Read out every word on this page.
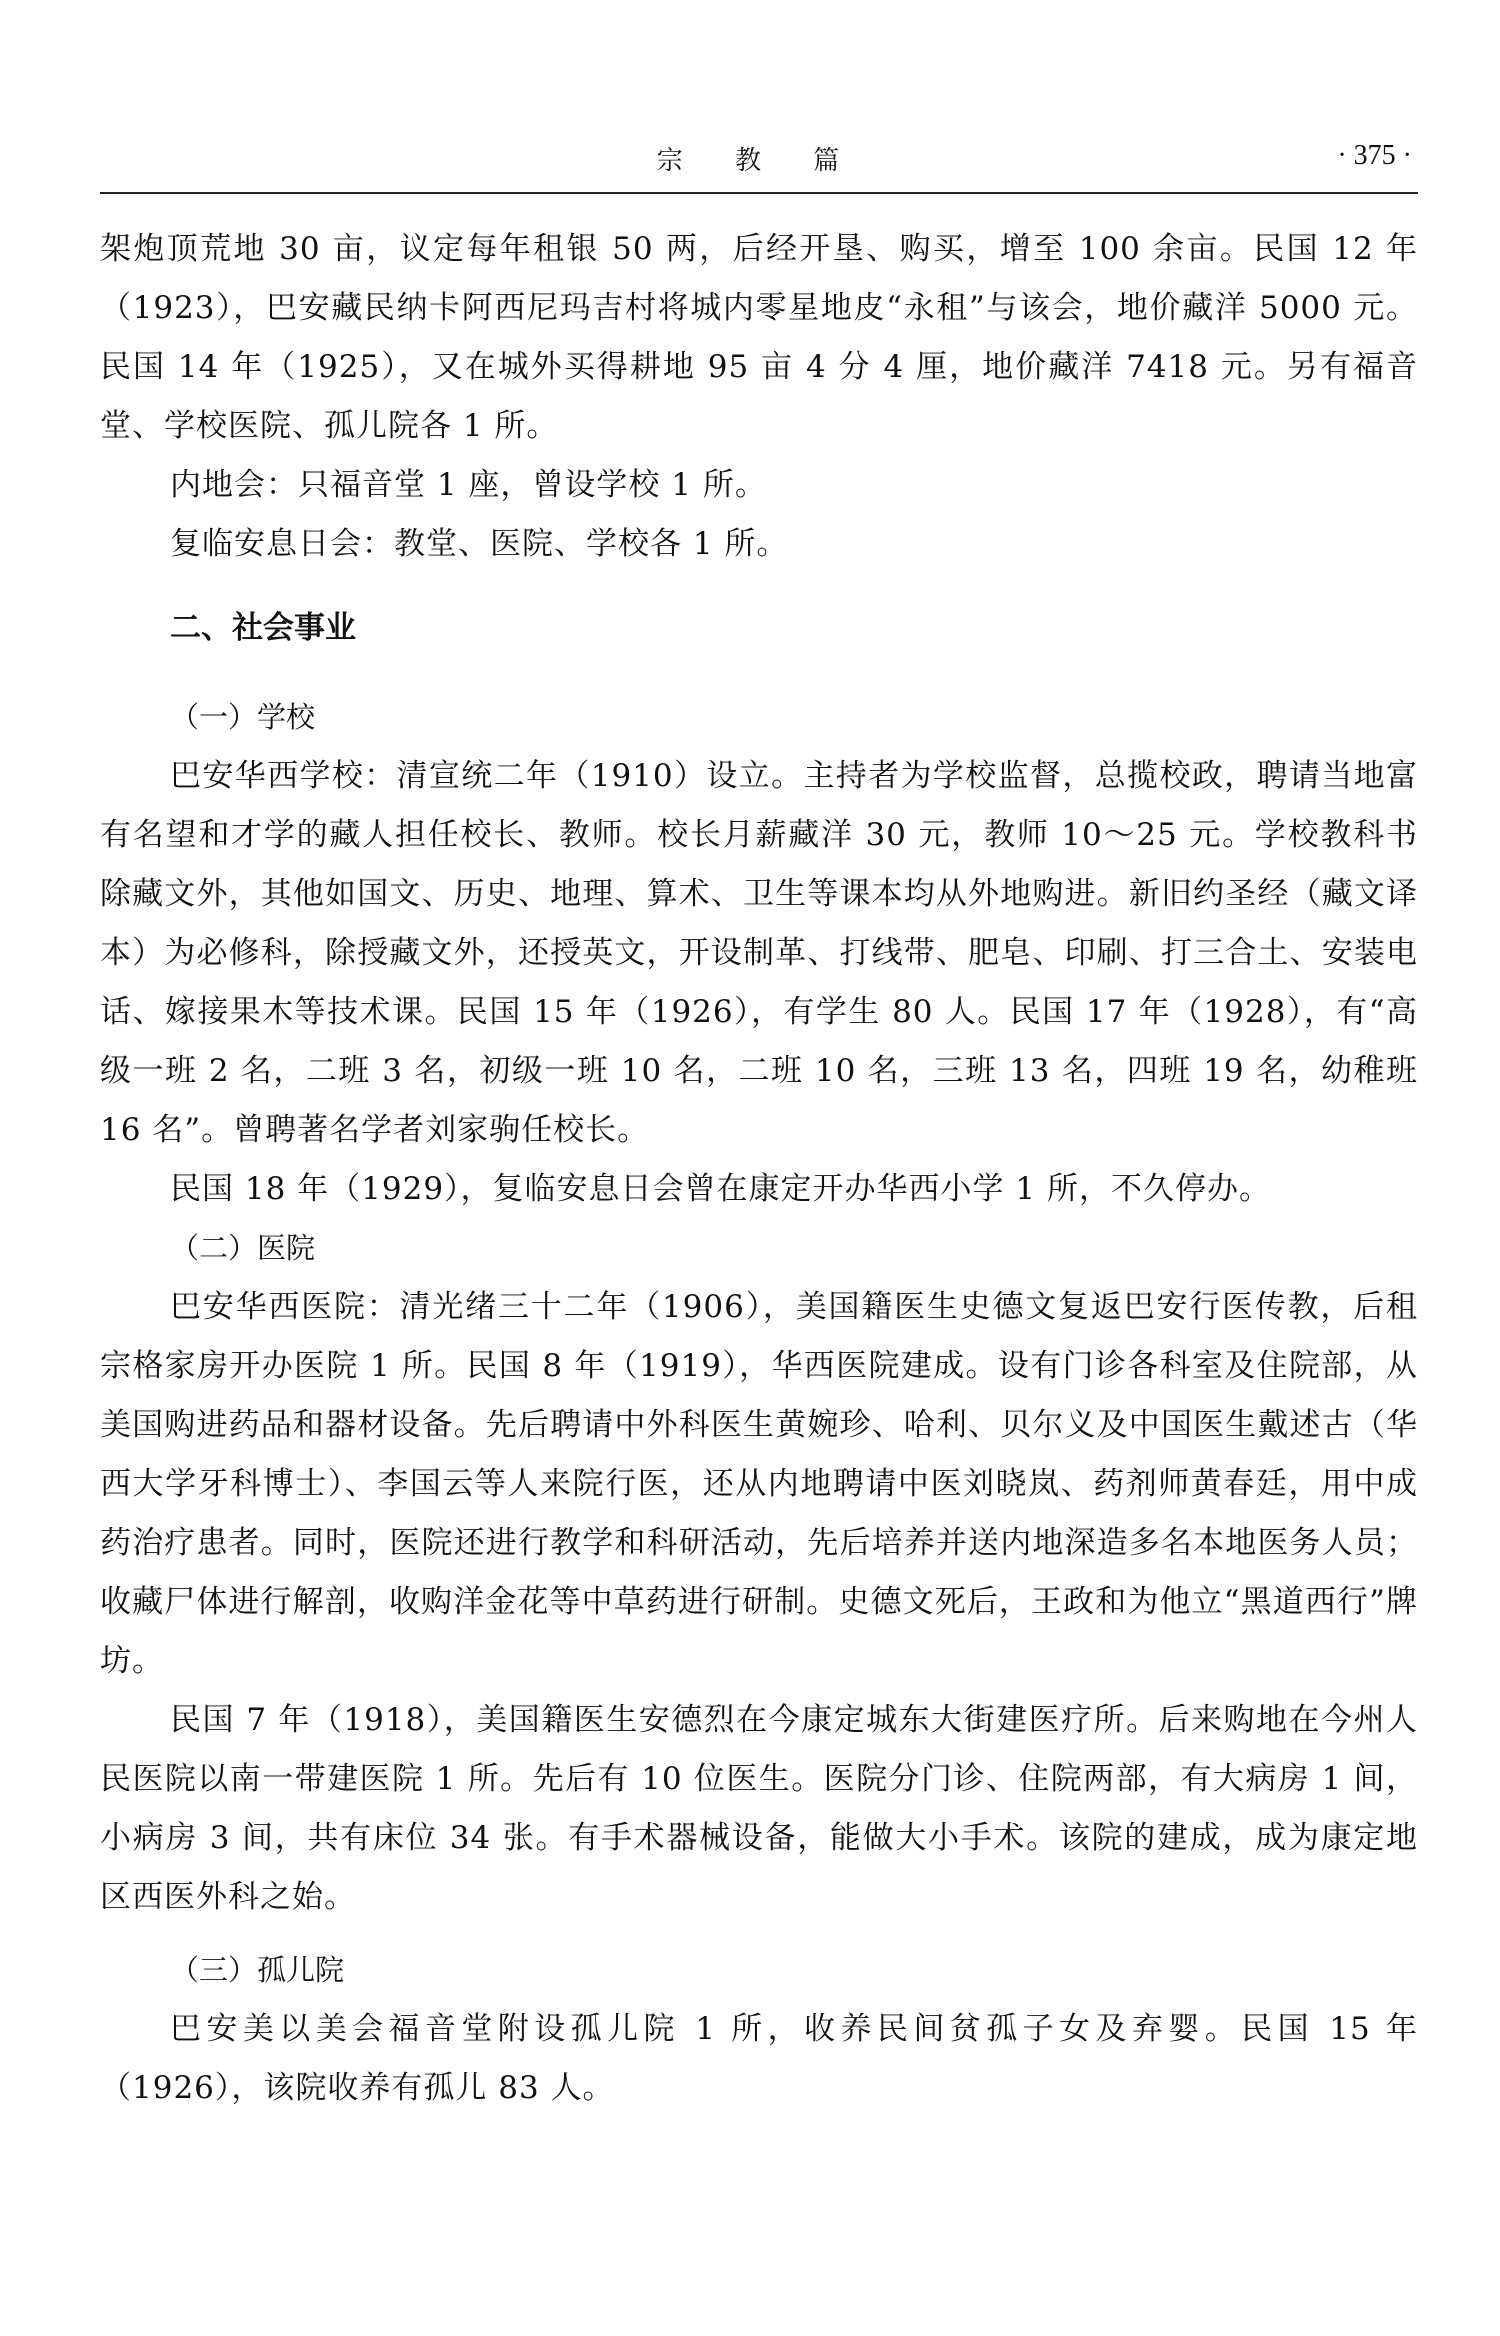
宗 教 篇	· 375 ·

架炮顶荒地 30 亩，议定每年租银 50 两，后经开垦、购买，增至 100 余亩。民国 12 年（1923），巴安藏民纳卡阿西尼玛吉村将城内零星地皮“永租”与该会，地价藏洋 5000 元。民国 14 年（1925），又在城外买得耕地 95 亩 4 分 4 厘，地价藏洋 7418 元。另有福音堂、学校医院、孤儿院各 1 所。

内地会：只福音堂 1 座，曾设学校 1 所。

复临安息日会：教堂、医院、学校各 1 所。

二、社会事业
（一）学校

巴安华西学校：清宣统二年（1910）设立。主持者为学校监督，总揽校政，聘请当地富有名望和才学的藏人担任校长、教师。校长月薪藏洋 30 元，教师 10～25 元。学校教科书除藏文外，其他如国文、历史、地理、算术、卫生等课本均从外地购进。新旧约圣经（藏文译本）为必修科，除授藏文外，还授英文，开设制革、打线带、肥皂、印刷、打三合土、安装电话、嫁接果木等技术课。民国 15 年（1926），有学生 80 人。民国 17 年（1928），有“高级一班 2 名，二班 3 名，初级一班 10 名，二班 10 名，三班 13 名，四班 19 名，幼稚班 16 名”。曾聘著名学者刘家驹任校长。

民国 18 年（1929），复临安息日会曾在康定开办华西小学 1 所，不久停办。

（二）医院

巴安华西医院：清光绪三十二年（1906），美国籍医生史德文复返巴安行医传教，后租宗格家房开办医院 1 所。民国 8 年（1919），华西医院建成。设有门诊各科室及住院部，从美国购进药品和器材设备。先后聘请中外科医生黄婉珍、哈利、贝尔义及中国医生戴述古（华西大学牙科博士）、李国云等人来院行医，还从内地聘请中医刘晓岚、药剂师黄春廷，用中成药治疗患者。同时，医院还进行教学和科研活动，先后培养并送内地深造多名本地医务人员；收藏尸体进行解剖，收购洋金花等中草药进行研制。史德文死后，王政和为他立“黑道西行”牌坊。

民国 7 年（1918），美国籍医生安德烈在今康定城东大街建医疗所。后来购地在今州人民医院以南一带建医院 1 所。先后有 10 位医生。医院分门诊、住院两部，有大病房 1 间，小病房 3 间，共有床位 34 张。有手术器械设备，能做大小手术。该院的建成，成为康定地区西医外科之始。

（三）孤儿院

巴安美以美会福音堂附设孤儿院 1 所，收养民间贫孤子女及弃婴。民国 15 年（1926），该院收养有孤儿 83 人。
